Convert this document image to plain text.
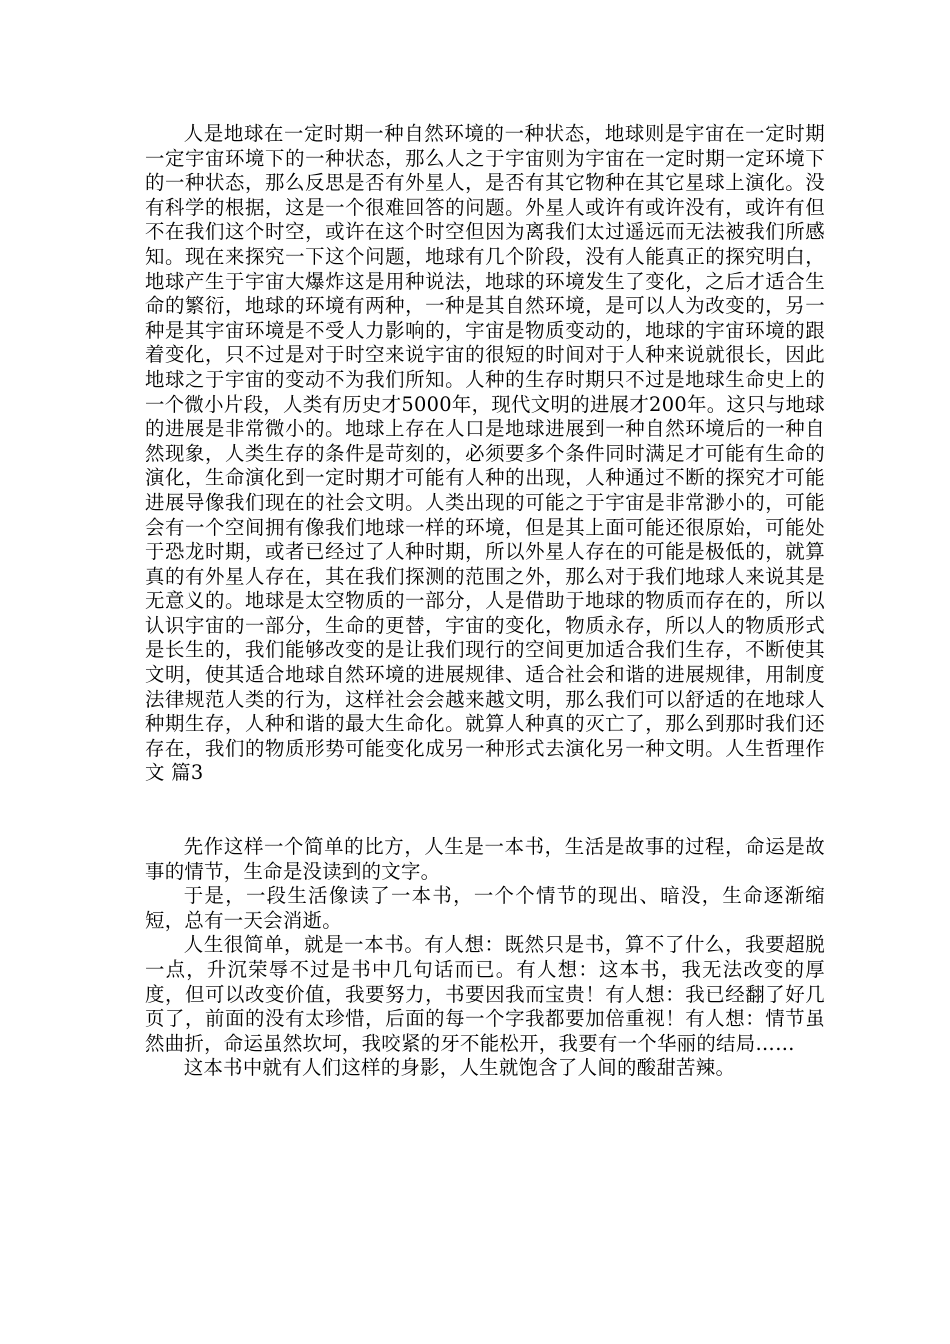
人是地球在一定时期一种自然环境的一种状态，地球则是宇宙在一定时期一定宇宙环境下的一种状态，那么人之于宇宙则为宇宙在一定时期一定环境下的一种状态，那么反思是否有外星人，是否有其它物种在其它星球上演化。没有科学的根据，这是一个很难回答的问题。外星人或许有或许没有，或许有但不在我们这个时空，或许在这个时空但因为离我们太过遥远而无法被我们所感知。现在来探究一下这个问题，地球有几个阶段，没有人能真正的探究明白，地球产生于宇宙大爆炸这是用种说法，地球的环境发生了变化，之后才适合生命的繁衍，地球的环境有两种，一种是其自然环境，是可以人为改变的，另一种是其宇宙环境是不受人力影响的，宇宙是物质变动的，地球的宇宙环境的跟着变化，只不过是对于时空来说宇宙的很短的时间对于人种来说就很长，因此地球之于宇宙的变动不为我们所知。人种的生存时期只不过是地球生命史上的一个微小片段，人类有历史才5000年，现代文明的进展才200年。这只与地球的进展是非常微小的。地球上存在人口是地球进展到一种自然环境后的一种自然现象，人类生存的条件是苛刻的，必须要多个条件同时满足才可能有生命的演化，生命演化到一定时期才可能有人种的出现，人种通过不断的探究才可能进展导像我们现在的社会文明。人类出现的可能之于宇宙是非常渺小的，可能会有一个空间拥有像我们地球一样的环境，但是其上面可能还很原始，可能处于恐龙时期，或者已经过了人种时期，所以外星人存在的可能是极低的，就算真的有外星人存在，其在我们探测的范围之外，那么对于我们地球人来说其是无意义的。地球是太空物质的一部分，人是借助于地球的物质而存在的，所以认识宇宙的一部分，生命的更替，宇宙的变化，物质永存，所以人的物质形式是长生的，我们能够改变的是让我们现行的空间更加适合我们生存，不断使其文明，使其适合地球自然环境的进展规律、适合社会和谐的进展规律，用制度法律规范人类的行为，这样社会会越来越文明，那么我们可以舒适的在地球人种期生存，人种和谐的最大生命化。就算人种真的灭亡了，那么到那时我们还存在，我们的物质形势可能变化成另一种形式去演化另一种文明。人生哲理作文 篇3

先作这样一个简单的比方，人生是一本书，生活是故事的过程，命运是故事的情节，生命是没读到的文字。

于是，一段生活像读了一本书，一个个情节的现出、暗没，生命逐渐缩短，总有一天会消逝。

人生很简单，就是一本书。有人想：既然只是书，算不了什么，我要超脱一点，升沉荣辱不过是书中几句话而已。有人想：这本书，我无法改变的厚度，但可以改变价值，我要努力，书要因我而宝贵！有人想：我已经翻了好几页了，前面的没有太珍惜，后面的每一个字我都要加倍重视！有人想：情节虽然曲折，命运虽然坎坷，我咬紧的牙不能松开，我要有一个华丽的结局……

这本书中就有人们这样的身影，人生就饱含了人间的酸甜苦辣。
